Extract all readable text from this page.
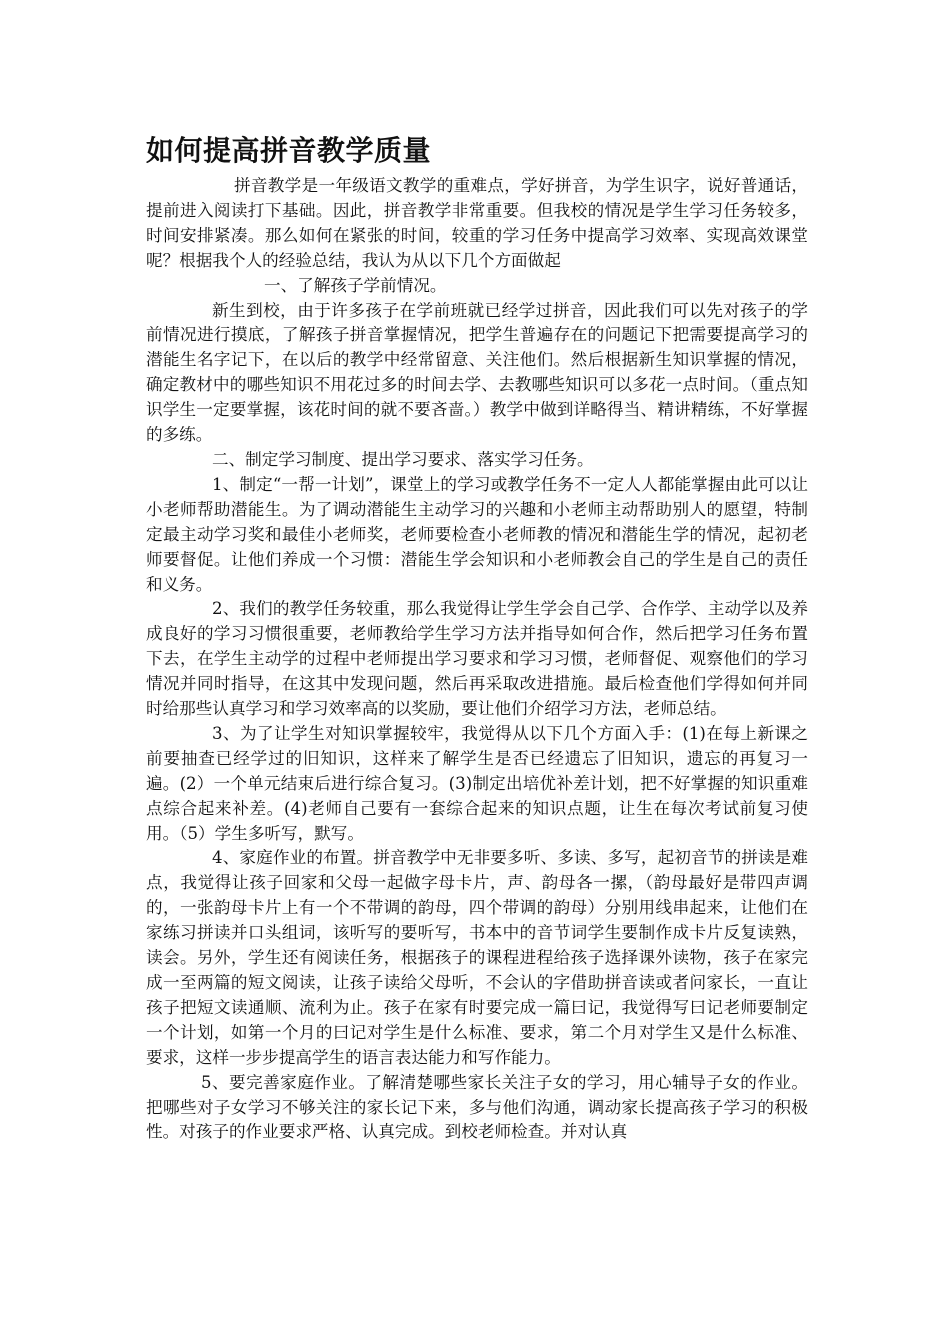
如何提高拼音教学质量

拼音教学是一年级语文教学的重难点，学好拼音，为学生识字，说好普通话，提前进入阅读打下基础。因此，拼音教学非常重要。但我校的情况是学生学习任务较多，时间安排紧凑。那么如何在紧张的时间，较重的学习任务中提高学习效率、实现高效课堂呢？根据我个人的经验总结，我认为从以下几个方面做起

一、了解孩子学前情况。

新生到校，由于许多孩子在学前班就已经学过拼音，因此我们可以先对孩子的学前情况进行摸底，了解孩子拼音掌握情况，把学生普遍存在的问题记下把需要提高学习的潜能生名字记下，在以后的教学中经常留意、关注他们。然后根据新生知识掌握的情况，确定教材中的哪些知识不用花过多的时间去学、去教哪些知识可以多花一点时间。（重点知识学生一定要掌握，该花时间的就不要吝啬。）教学中做到详略得当、精讲精练，不好掌握的多练。

二、制定学习制度、提出学习要求、落实学习任务。

1、制定“一帮一计划”，课堂上的学习或教学任务不一定人人都能掌握由此可以让小老师帮助潜能生。为了调动潜能生主动学习的兴趣和小老师主动帮助别人的愿望，特制定最主动学习奖和最佳小老师奖，老师要检查小老师教的情况和潜能生学的情况，起初老师要督促。让他们养成一个习惯：潜能生学会知识和小老师教会自己的学生是自己的责任和义务。

2、我们的教学任务较重，那么我觉得让学生学会自己学、合作学、主动学以及养成良好的学习习惯很重要，老师教给学生学习方法并指导如何合作，然后把学习任务布置下去，在学生主动学的过程中老师提出学习要求和学习习惯，老师督促、观察他们的学习情况并同时指导，在这其中发现问题，然后再采取改进措施。最后检查他们学得如何并同时给那些认真学习和学习效率高的以奖励，要让他们介绍学习方法，老师总结。

3、为了让学生对知识掌握较牢，我觉得从以下几个方面入手：(1)在每上新课之前要抽查已经学过的旧知识，这样来了解学生是否已经遗忘了旧知识，遗忘的再复习一遍。(2）一个单元结束后进行综合复习。(3)制定出培优补差计划，把不好掌握的知识重难点综合起来补差。(4)老师自己要有一套综合起来的知识点题，让生在每次考试前复习使用。（5）学生多听写，默写。

4、家庭作业的布置。拼音教学中无非要多听、多读、多写，起初音节的拼读是难点，我觉得让孩子回家和父母一起做字母卡片，声、韵母各一摞，（韵母最好是带四声调的，一张韵母卡片上有一个不带调的韵母，四个带调的韵母）分别用线串起来，让他们在家练习拼读并口头组词，该听写的要听写，书本中的音节词学生要制作成卡片反复读熟，读会。另外，学生还有阅读任务，根据孩子的课程进程给孩子选择课外读物，孩子在家完成一至两篇的短文阅读，让孩子读给父母听，不会认的字借助拼音读或者问家长，一直让孩子把短文读通顺、流利为止。孩子在家有时要完成一篇曰记，我觉得写曰记老师要制定一个计划，如第一个月的曰记对学生是什么标准、要求，第二个月对学生又是什么标准、要求，这样一步步提高学生的语言表达能力和写作能力。

5、要完善家庭作业。了解清楚哪些家长关注子女的学习，用心辅导子女的作业。把哪些对子女学习不够关注的家长记下来，多与他们沟通，调动家长提高孩子学习的积极性。对孩子的作业要求严格、认真完成。到校老师检查。并对认真
